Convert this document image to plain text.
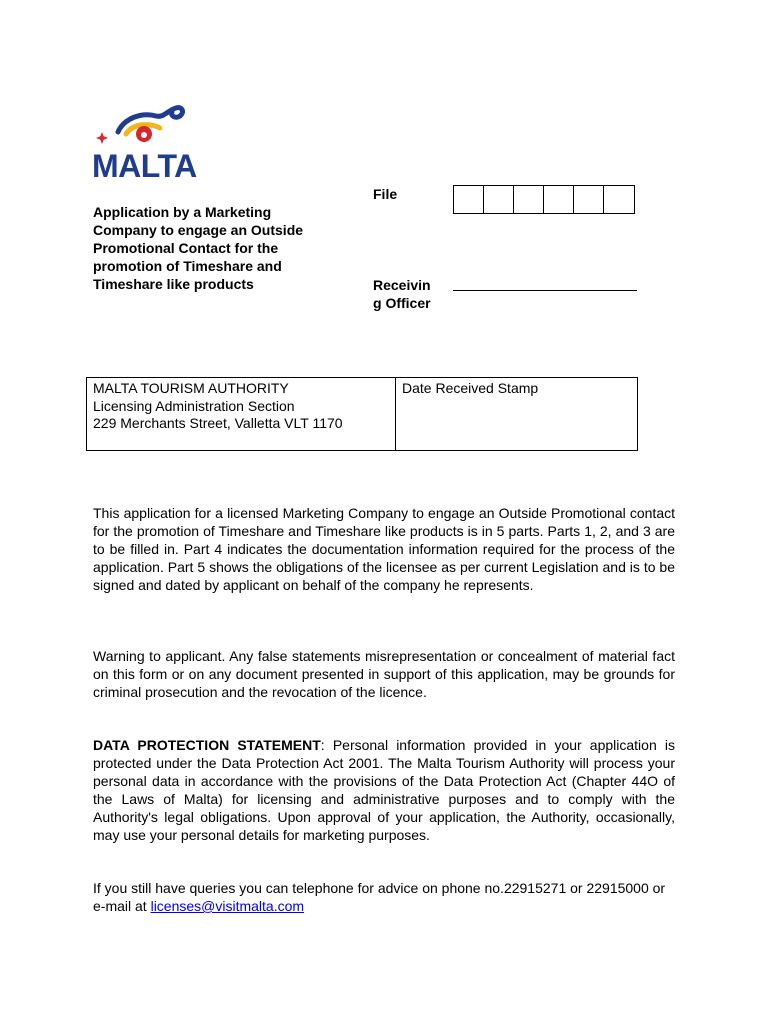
MALTA
Application by a Marketing
Company to engage an Outside
Promotional Contact for the
promotion of Timeshare and
Timeshare like products
File
Receivin
g Officer
MALTA TOURISM AUTHORITY
Licensing Administration Section
229 Merchants Street, Valletta VLT 1170
Date Received Stamp
This application for a licensed Marketing Company to engage an Outside Promotional contact for the promotion of Timeshare and Timeshare like products is in 5 parts. Parts 1, 2, and 3 are to be filled in. Part 4 indicates the documentation information required for the process of the application. Part 5 shows the obligations of the licensee as per current Legislation and is to be signed and dated by applicant on behalf of the company he represents.
Warning to applicant. Any false statements misrepresentation or concealment of material fact on this form or on any document presented in support of this application, may be grounds for criminal prosecution and the revocation of the licence.
DATA PROTECTION STATEMENT: Personal information provided in your application is protected under the Data Protection Act 2001. The Malta Tourism Authority will process your personal data in accordance with the provisions of the Data Protection Act (Chapter 44O of the Laws of Malta) for licensing and administrative purposes and to comply with the Authority's legal obligations. Upon approval of your application, the Authority, occasionally, may use your personal details for marketing purposes.
If you still have queries you can telephone for advice on phone no.22915271 or 22915000 or e-mail at licenses@visitmalta.com
